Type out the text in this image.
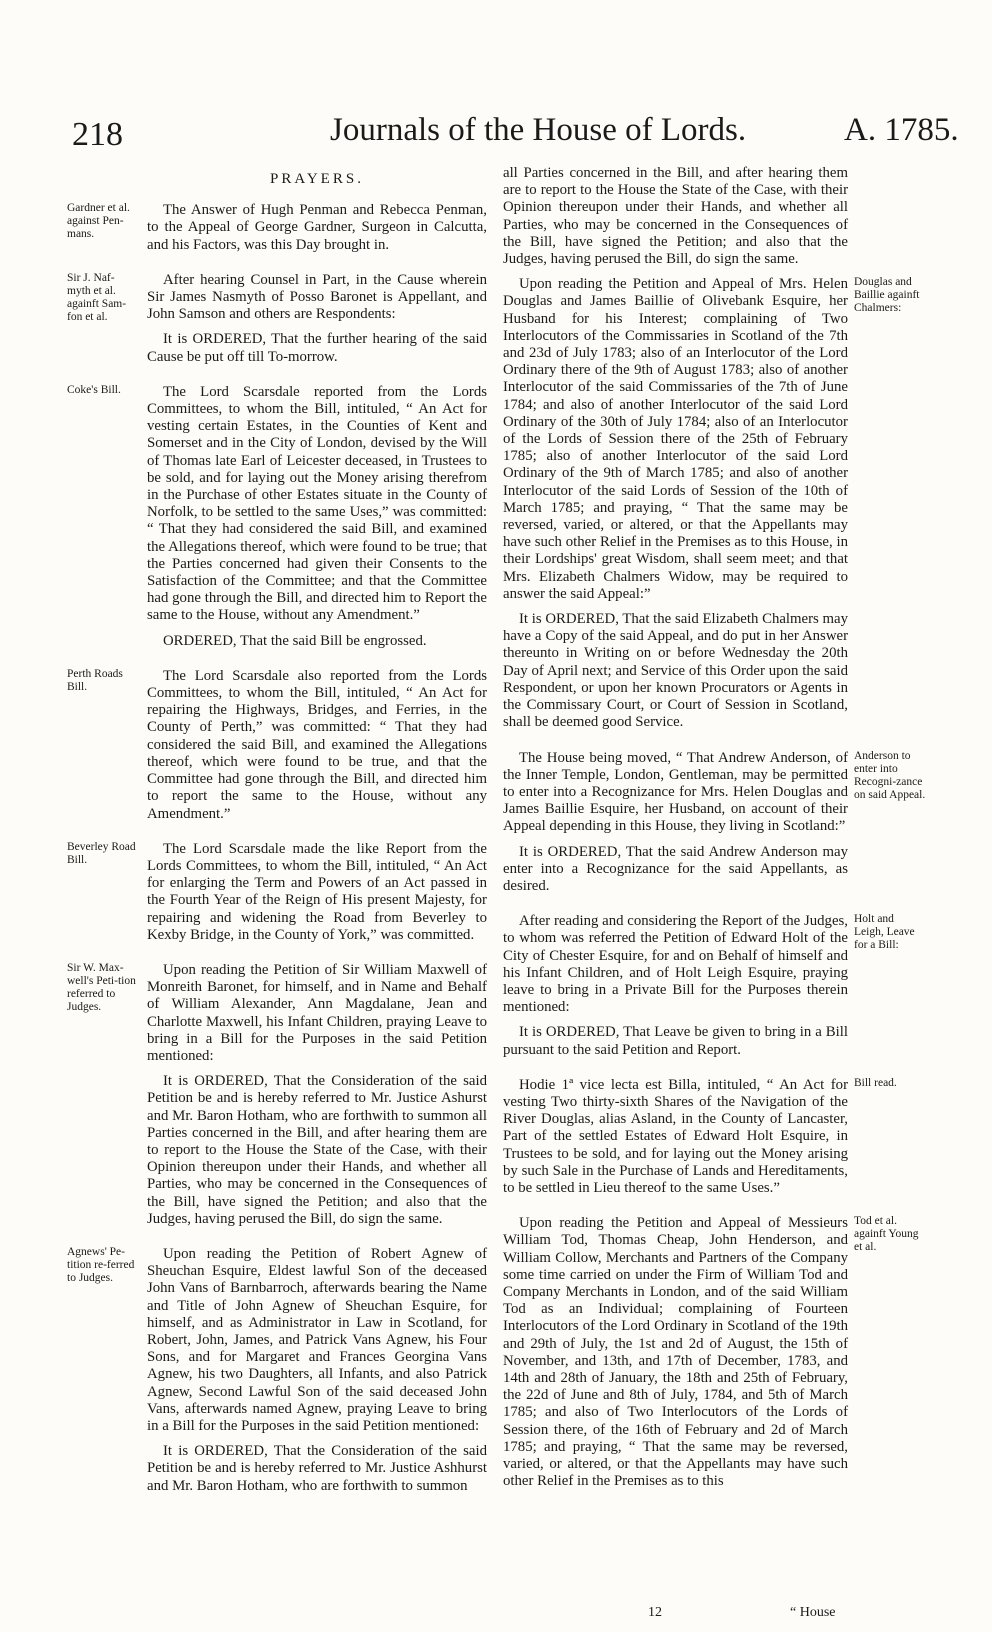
218	Journals of the House of Lords.	A. 1785.
PRAYERS.
Gardner et al. against Pen-mans.

The Answer of Hugh Penman and Rebecca Penman, to the Appeal of George Gardner, Surgeon in Calcutta, and his Factors, was this Day brought in.

Sir J. Naf-myth et al. againft Sam-fon et al.

After hearing Counsel in Part, in the Cause wherein Sir James Nasmyth of Posso Baronet is Appellant, and John Samson and others are Respondents:

It is ORDERED, That the further hearing of the said Cause be put off till To-morrow.

Coke's Bill.	The Lord Scarsdale reported from the Lords Committees, to whom the Bill, intituled, “ An Act for vesting certain Estates, in the Counties of Kent and Somerset and in the City of London, devised by the Will of Thomas late Earl of Leicester deceased, in Trustees to be sold, and for laying out the Money arising therefrom in the Purchase of other Estates situate in the County of Norfolk, to be settled to the same Uses,” was committed: “ That they had considered the said Bill, and examined the Allegations thereof, which were found to be true; that the Parties concerned had given their Consents to the Satisfaction of the Committee; and that the Committee had gone through the Bill, and directed him to Report the same to the House, without any Amendment.”

ORDERED, That the said Bill be engrossed.

Perth Roads Bill.

The Lord Scarsdale also reported from the Lords Committees, to whom the Bill, intituled, “ An Act for repairing the Highways, Bridges, and Ferries, in the County of Perth,” was committed: “ That they had considered the said Bill, and examined the Allegations thereof, which were found to be true, and that the Committee had gone through the Bill, and directed him to report the same to the House, without any Amendment.”

Beverley Road Bill.

The Lord Scarsdale made the like Report from the Lords Committees, to whom the Bill, intituled, “ An Act for enlarging the Term and Powers of an Act passed in the Fourth Year of the Reign of His present Majesty, for repairing and widening the Road from Beverley to Kexby Bridge, in the County of York,” was committed.

Sir W. Max-well's Peti-tion referred to Judges.

Upon reading the Petition of Sir William Maxwell of Monreith Baronet, for himself, and in Name and Behalf of William Alexander, Ann Magdalane, Jean and Charlotte Maxwell, his Infant Children, praying Leave to bring in a Bill for the Purposes in the said Petition mentioned:

It is ORDERED, That the Consideration of the said Petition be and is hereby referred to Mr. Justice Ashurst and Mr. Baron Hotham, who are forthwith to summon all Parties concerned in the Bill, and after hearing them are to report to the House the State of the Case, with their Opinion thereupon under their Hands, and whether all Parties, who may be concerned in the Consequences of the Bill, have signed the Petition; and also that the Judges, having perused the Bill, do sign the same.

Agnews' Pe-tition re-ferred to Judges.

Upon reading the Petition of Robert Agnew of Sheuchan Esquire, Eldest lawful Son of the deceased John Vans of Barnbarroch, afterwards bearing the Name and Title of John Agnew of Sheuchan Esquire, for himself, and as Administrator in Law in Scotland, for Robert, John, James, and Patrick Vans Agnew, his Four Sons, and for Margaret and Frances Georgina Vans Agnew, his two Daughters, all Infants, and also Patrick Agnew, Second Lawful Son of the said deceased John Vans, afterwards named Agnew, praying Leave to bring in a Bill for the Purposes in the said Petition mentioned:

It is ORDERED, That the Consideration of the said Petition be and is hereby referred to Mr. Justice Ashhurst and Mr. Baron Hotham, who are forthwith to summon

all Parties concerned in the Bill, and after hearing them are to report to the House the State of the Case, with their Opinion thereupon under their Hands, and whether all Parties, who may be concerned in the Consequences of the Bill, have signed the Petition; and also that the Judges, having perused the Bill, do sign the same.

Douglas and Baillie againft Chalmers:

Upon reading the Petition and Appeal of Mrs. Helen Douglas and James Baillie of Olivebank Esquire, her Husband for his Interest; complaining of Two Interlocutors of the Commissaries in Scotland of the 7th and 23d of July 1783; also of an Interlocutor of the Lord Ordinary there of the 9th of August 1783; also of another Interlocutor of the said Commissaries of the 7th of June 1784; and also of another Interlocutor of the said Lord Ordinary of the 30th of July 1784; also of an Interlocutor of the Lords of Session there of the 25th of February 1785; also of another Interlocutor of the said Lord Ordinary of the 9th of March 1785; and also of another Interlocutor of the said Lords of Session of the 10th of March 1785; and praying, “ That the same may be reversed, varied, or altered, or that the Appellants may have such other Relief in the Premises as to this House, in their Lordships' great Wisdom, shall seem meet; and that Mrs. Elizabeth Chalmers Widow, may be required to answer the said Appeal:”

It is ORDERED, That the said Elizabeth Chalmers may have a Copy of the said Appeal, and do put in her Answer thereunto in Writing on or before Wednesday the 20th Day of April next; and Service of this Order upon the said Respondent, or upon her known Procurators or Agents in the Commissary Court, or Court of Session in Scotland, shall be deemed good Service.

Anderson to enter into Recogni-zance on said Appeal.

The House being moved, “ That Andrew Anderson, of the Inner Temple, London, Gentleman, may be permitted to enter into a Recognizance for Mrs. Helen Douglas and James Baillie Esquire, her Husband, on account of their Appeal depending in this House, they living in Scotland:”

It is ORDERED, That the said Andrew Anderson may enter into a Recognizance for the said Appellants, as desired.

Holt and Leigh, Leave for a Bill:

After reading and considering the Report of the Judges, to whom was referred the Petition of Edward Holt of the City of Chester Esquire, for and on Behalf of himself and his Infant Children, and of Holt Leigh Esquire, praying leave to bring in a Private Bill for the Purposes therein mentioned:

It is ORDERED, That Leave be given to bring in a Bill pursuant to the said Petition and Report.

Bill read.

Hodie 1ª vice lecta est Billa, intituled, “ An Act for vesting Two thirty-sixth Shares of the Navigation of the River Douglas, alias Asland, in the County of Lancaster, Part of the settled Estates of Edward Holt Esquire, in Trustees to be sold, and for laying out the Money arising by such Sale in the Purchase of Lands and Hereditaments, to be settled in Lieu thereof to the same Uses.”

Tod et al. againft Young et al.

Upon reading the Petition and Appeal of Messieurs William Tod, Thomas Cheap, John Henderson, and William Collow, Merchants and Partners of the Company some time carried on under the Firm of William Tod and Company Merchants in London, and of the said William Tod as an Individual; complaining of Fourteen Interlocutors of the Lord Ordinary in Scotland of the 19th and 29th of July, the 1st and 2d of August, the 15th of November, and 13th, and 17th of December, 1783, and 14th and 28th of January, the 18th and 25th of February, the 22d of June and 8th of July, 1784, and 5th of March 1785; and also of Two Interlocutors of the Lords of Session there, of the 16th of February and 2d of March 1785; and praying, “ That the same may be reversed, varied, or altered, or that the Appellants may have such other Relief in the Premises as to this

12	“ House
